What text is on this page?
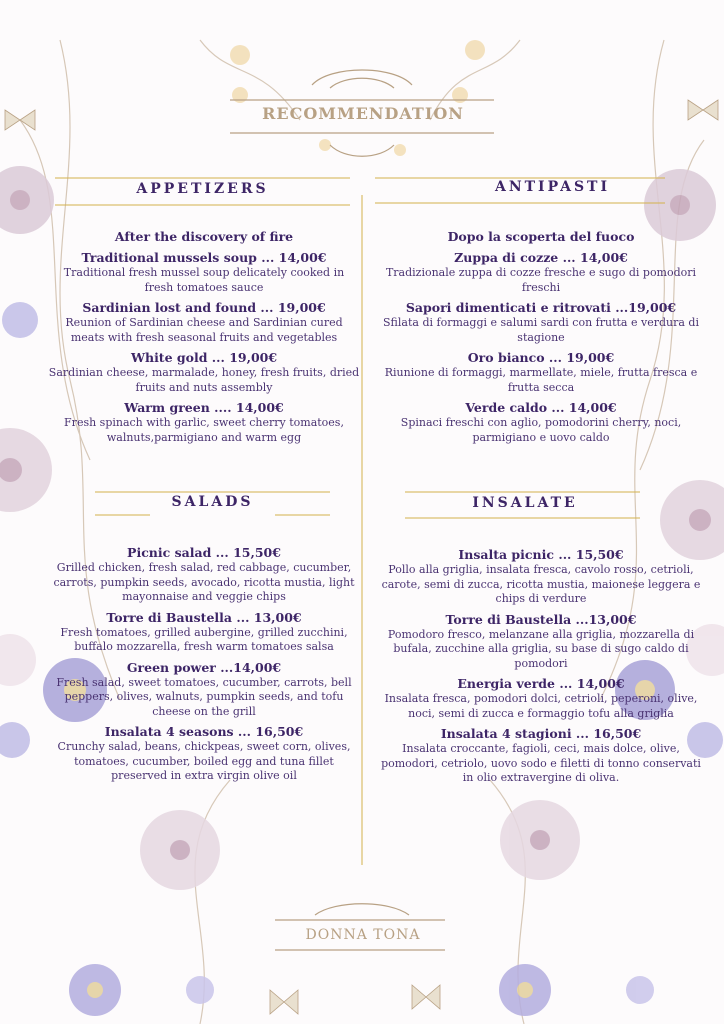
RECOMMENDATION
APPETIZERS	ANTIPASTI
After the discovery of fire
Traditional mussels soup ... 14,00€
Traditional fresh mussel soup delicately cooked in fresh tomatoes sauce
Sardinian lost and found ... 19,00€
Reunion of Sardinian cheese and Sardinian cured meats with fresh seasonal fruits and vegetables
White gold ... 19,00€
Sardinian cheese, marmalade, honey, fresh fruits, dried fruits and nuts assembly
Warm green .... 14,00€
Fresh spinach with garlic, sweet cherry tomatoes, walnuts,parmigiano and warm egg
Dopo la scoperta del fuoco
Zuppa di cozze ... 14,00€
Tradizionale zuppa di cozze fresche e sugo di pomodori freschi
Sapori dimenticati e ritrovati ...19,00€
Sfilata di formaggi e salumi sardi con frutta e verdura di stagione
Oro bianco ... 19,00€
Riunione di formaggi, marmellate, miele, frutta fresca e frutta secca
Verde caldo ... 14,00€
Spinaci freschi con aglio, pomodorini cherry, noci, parmigiano e uovo caldo
SALADS	INSALATE
Picnic salad ... 15,50€
Grilled chicken, fresh salad, red cabbage, cucumber, carrots, pumpkin seeds, avocado, ricotta mustia, light mayonnaise and veggie chips
Torre di Baustella ... 13,00€
Fresh tomatoes, grilled aubergine, grilled zucchini, buffalo mozzarella, fresh warm tomatoes salsa
Green power ...14,00€
Fresh salad, sweet tomatoes, cucumber, carrots, bell peppers, olives, walnuts, pumpkin seeds, and tofu cheese on the grill
Insalata 4 seasons ... 16,50€
Crunchy salad, beans, chickpeas, sweet corn, olives, tomatoes, cucumber, boiled egg and tuna fillet preserved in extra virgin olive oil
Insalta picnic ... 15,50€
Pollo alla griglia, insalata fresca, cavolo rosso, cetrioli, carote, semi di zucca, ricotta mustia, maionese leggera e chips di verdure
Torre di Baustella ...13,00€
Pomodoro fresco, melanzane alla griglia, mozzarella di bufala, zucchine alla griglia, su base di sugo caldo di pomodori
Energia verde ... 14,00€
Insalata fresca, pomodori dolci, cetrioli, peperoni, olive, noci, semi di zucca e formaggio tofu alla griglia
Insalata 4 stagioni ... 16,50€
Insalata croccante, fagioli, ceci, mais dolce, olive, pomodori, cetriolo, uovo sodo e filetti di tonno conservati in olio extravergine di oliva.
DONNA TONA
